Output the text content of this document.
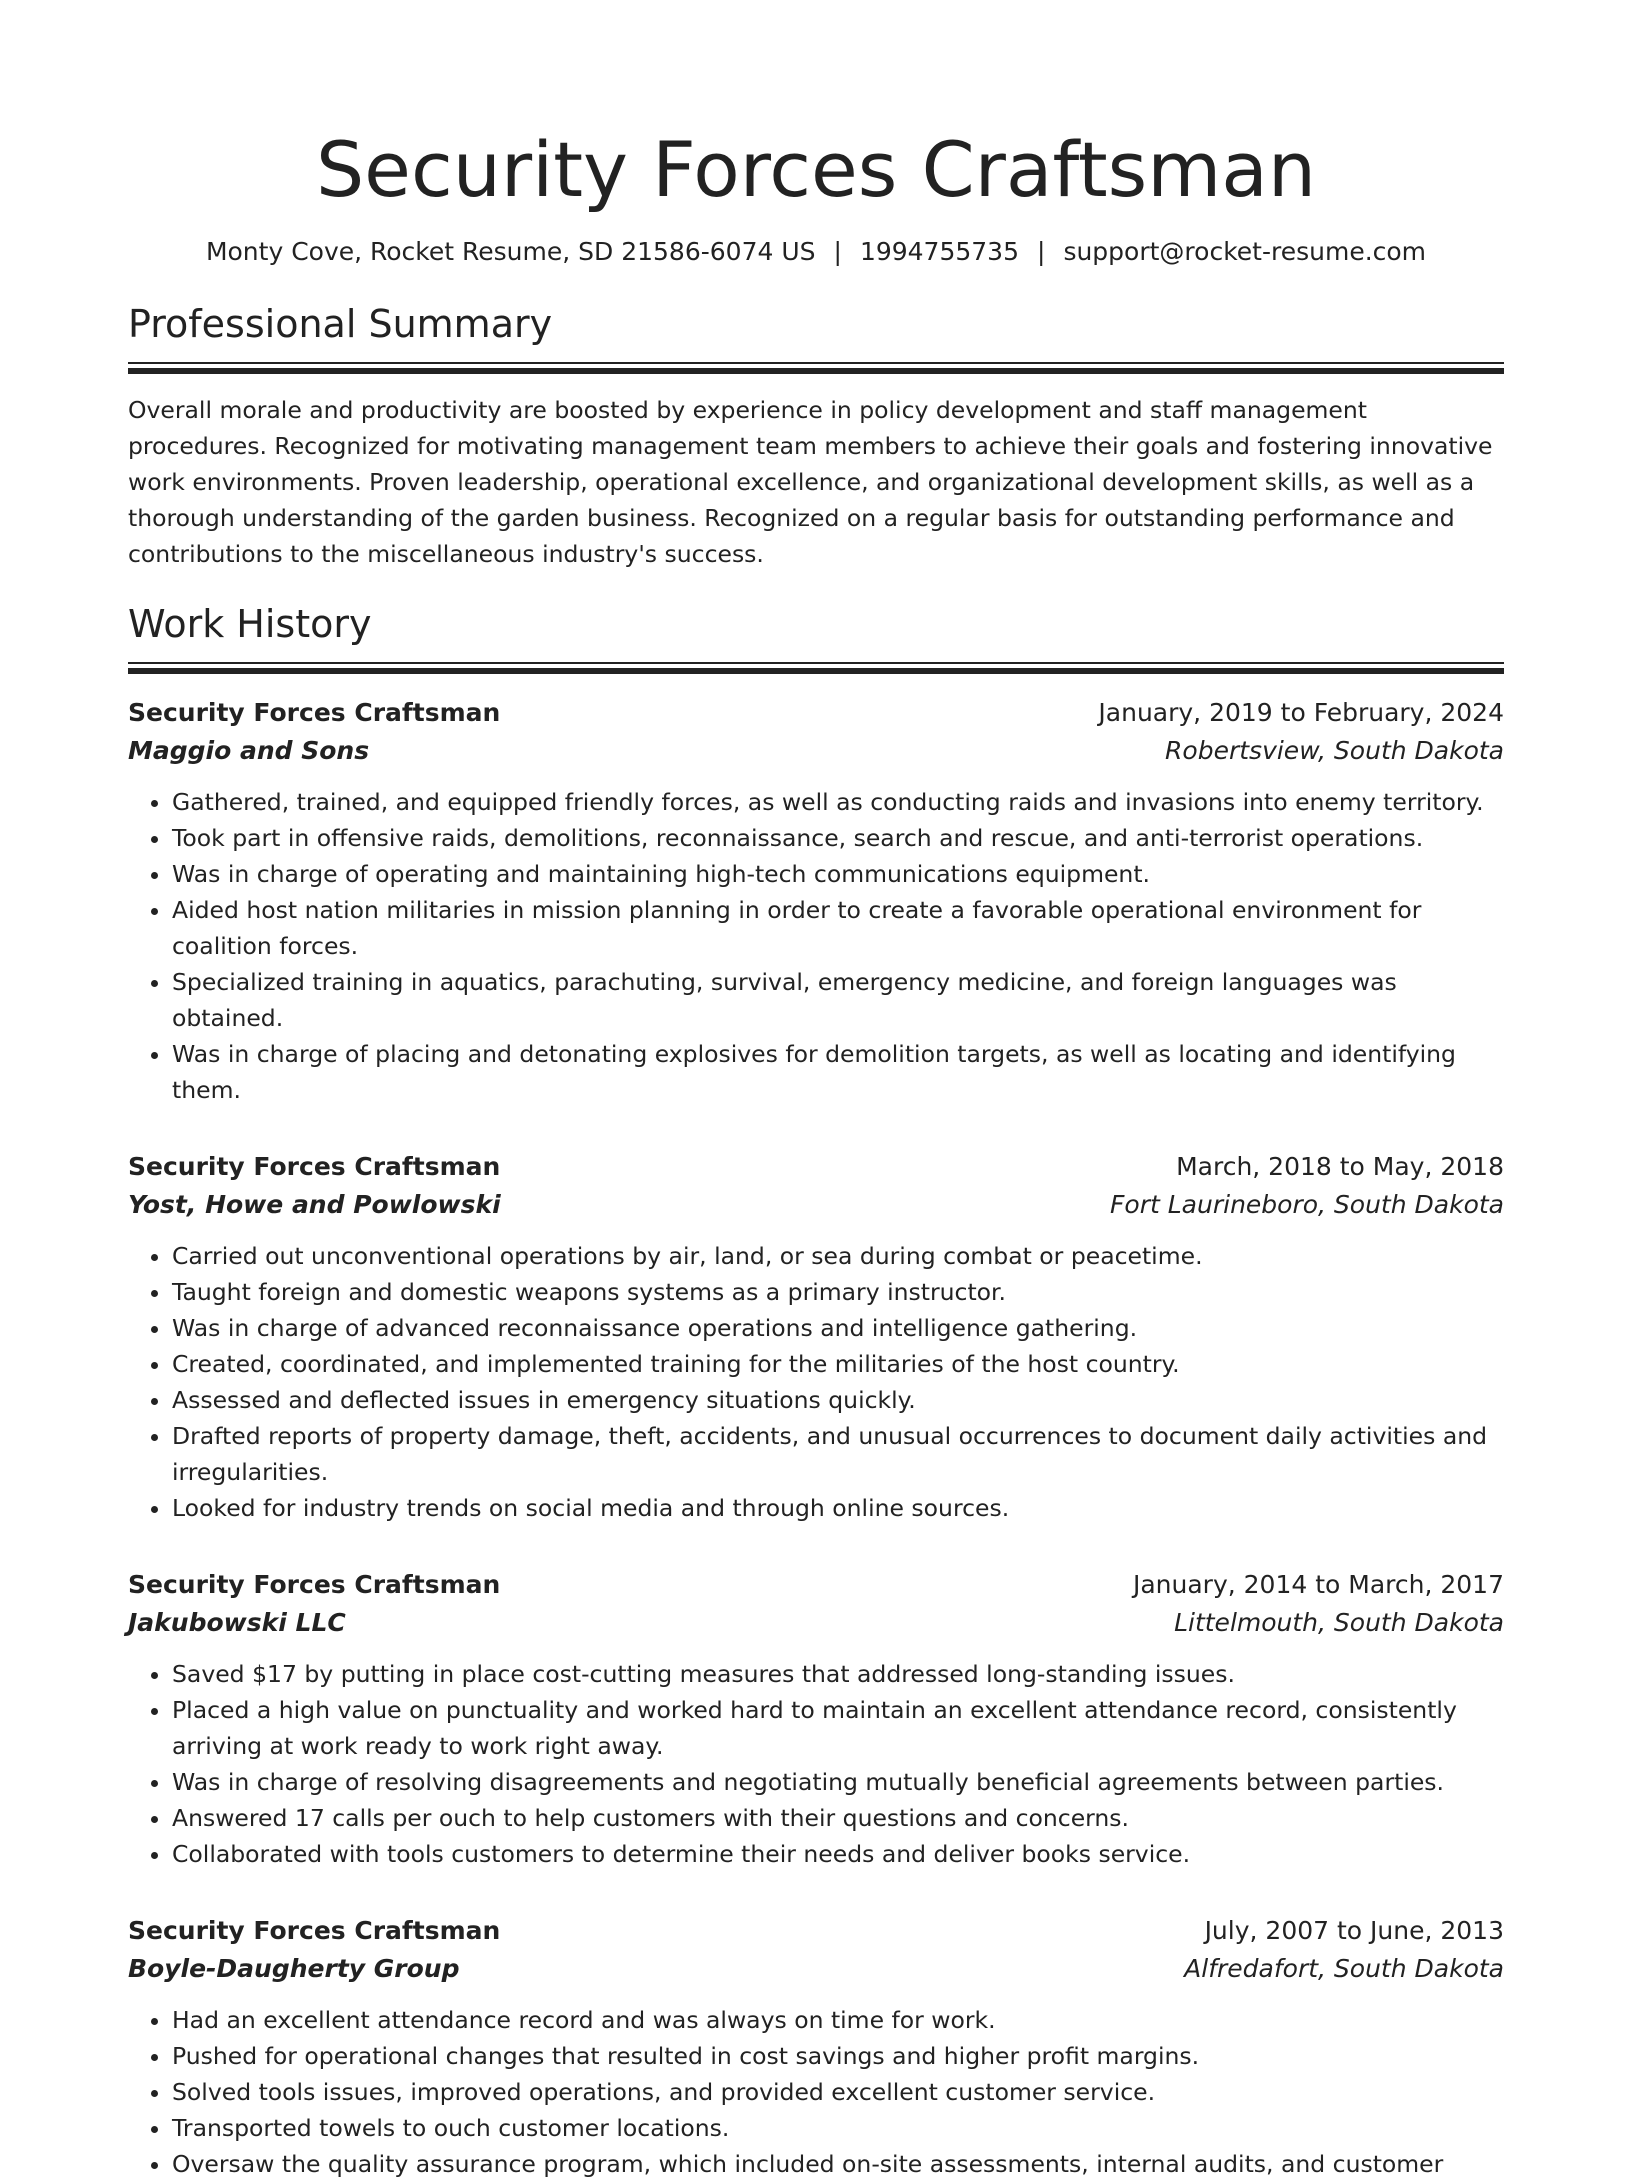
Security Forces Craftsman
Monty Cove, Rocket Resume, SD 21586-6074 US | 1994755735 | support@rocket-resume.com
Professional Summary

Overall morale and productivity are boosted by experience in policy development and staff management procedures. Recognized for motivating management team members to achieve their goals and fostering innovative work environments. Proven leadership, operational excellence, and organizational development skills, as well as a thorough understanding of the garden business. Recognized on a regular basis for outstanding performance and contributions to the miscellaneous industry's success.

Work History
Security Forces Craftsman	January, 2019 to February, 2024
Maggio and Sons	Robertsview, South Dakota
• Gathered, trained, and equipped friendly forces, as well as conducting raids and invasions into enemy territory.
• Took part in offensive raids, demolitions, reconnaissance, search and rescue, and anti-terrorist operations.
• Was in charge of operating and maintaining high-tech communications equipment.
• Aided host nation militaries in mission planning in order to create a favorable operational environment for coalition forces.
• Specialized training in aquatics, parachuting, survival, emergency medicine, and foreign languages was obtained.
• Was in charge of placing and detonating explosives for demolition targets, as well as locating and identifying them.
Security Forces Craftsman	March, 2018 to May, 2018
Yost, Howe and Powlowski	Fort Laurineboro, South Dakota
• Carried out unconventional operations by air, land, or sea during combat or peacetime.
• Taught foreign and domestic weapons systems as a primary instructor.
• Was in charge of advanced reconnaissance operations and intelligence gathering.
• Created, coordinated, and implemented training for the militaries of the host country.
• Assessed and deflected issues in emergency situations quickly.
• Drafted reports of property damage, theft, accidents, and unusual occurrences to document daily activities and irregularities.
• Looked for industry trends on social media and through online sources.
Security Forces Craftsman	January, 2014 to March, 2017
Jakubowski LLC	Littelmouth, South Dakota
• Saved $17 by putting in place cost-cutting measures that addressed long-standing issues.
• Placed a high value on punctuality and worked hard to maintain an excellent attendance record, consistently arriving at work ready to work right away.
• Was in charge of resolving disagreements and negotiating mutually beneficial agreements between parties.
• Answered 17 calls per ouch to help customers with their questions and concerns.
• Collaborated with tools customers to determine their needs and deliver books service.
Security Forces Craftsman	July, 2007 to June, 2013
Boyle-Daugherty Group	Alfredafort, South Dakota
• Had an excellent attendance record and was always on time for work.
• Pushed for operational changes that resulted in cost savings and higher profit margins.
• Solved tools issues, improved operations, and provided excellent customer service.
• Transported towels to ouch customer locations.
• Oversaw the quality assurance program, which included on-site assessments, internal audits, and customer
